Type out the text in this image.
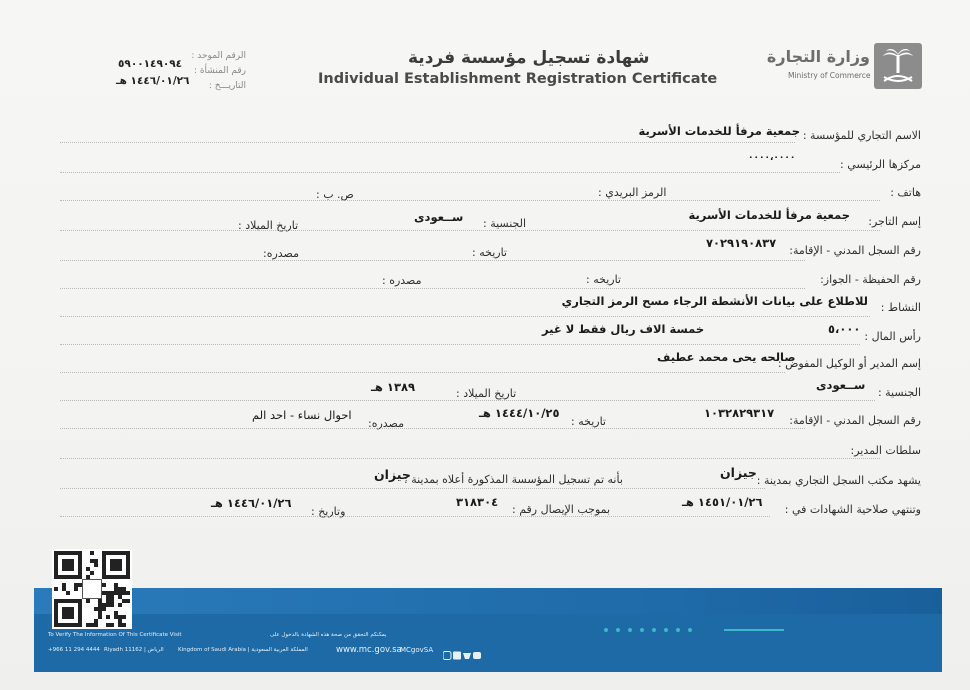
وزارة التجارة
Ministry of Commerce
شهادة تسجيل مؤسسة فردية
Individual Establishment Registration Certificate
الرقم الموحد :
٥٩٠٠١٤٩٠٩٤
رقم المنشأة :
التاريـــخ :
١٤٤٦/٠١/٢٦ هـ
الاسم التجاري للمؤسسة :
جمعية مرفأ للخدمات الأسرية
مركزها الرئيسي :
٠٠٠٠،٠٠٠٠
هاتف :
الرمز البريدي :
ص. ب :
إسم التاجر:
جمعية مرفأ للخدمات الأسرية
الجنسية :
ســعودى
تاريخ الميلاد :
رقم السجل المدني - الإقامة:
٧٠٢٩١٩٠٨٣٧
تاريخه :
مصدره:
رقم الحفيظة - الجواز:
تاريخه :
مصدره :
النشاط :
للاطلاع على بيانات الأنشطة الرجاء مسح الرمز التجاري
رأس المال :
٥،٠٠٠
خمسة الاف ريال فقط لا غير
إسم المدير أو الوكيل المفوض :
صالحه يحى محمد عطيف
الجنسية :
ســعودى
تاريخ الميلاد :
١٣٨٩ هـ
رقم السجل المدني - الإقامة:
١٠٣٢٨٢٩٣١٧
تاريخه :
١٤٤٤/١٠/٢٥ هـ
مصدره:
احوال نساء - احد الم
سلطات المدير:
يشهد مكتب السجل التجاري بمدينة :
جيزان
بأنه تم تسجيل المؤسسة المذكورة أعلاه بمدينة :
جيزان
وتنتهي صلاحية الشهادات في :
١٤٥١/٠١/٢٦ هـ
بموجب الإيصال رقم :
٣١٨٣٠٤
وتاريخ :
١٤٤٦/٠١/٢٦ هـ
To Verify The Information Of This Certificate Visit	يمكنكم التحقق من صحة هذه الشهادة بالدخول على
+966 11 294 4444 Riyadh 11162 | الرياض	Kingdom of Saudi Arabia | المملكة العربية السعودية	www.mc.gov.sa
MCgovSA
